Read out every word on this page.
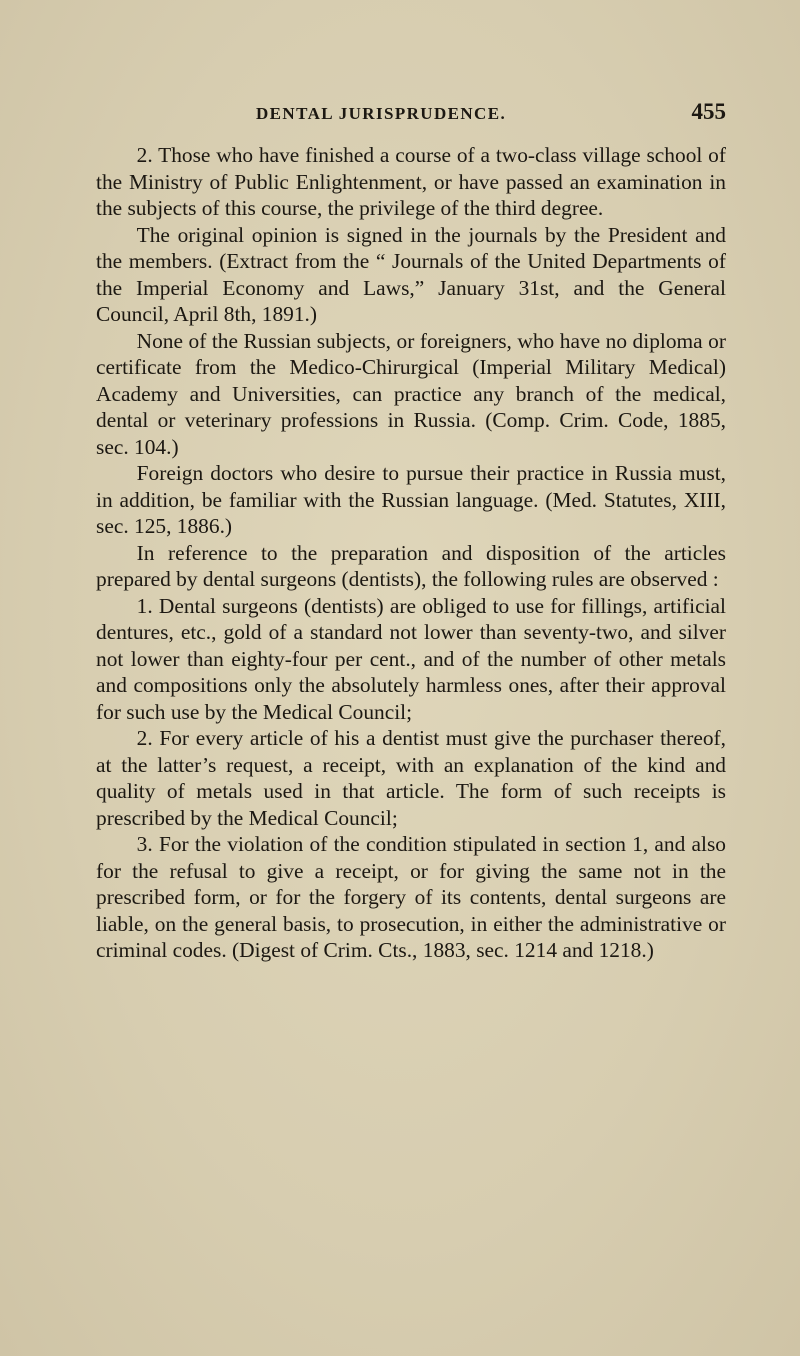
DENTAL JURISPRUDENCE.	455

2. Those who have finished a course of a two-class village school of the Ministry of Public Enlightenment, or have passed an examination in the subjects of this course, the privilege of the third degree.

The original opinion is signed in the journals by the President and the members. (Extract from the “ Journals of the United Departments of the Imperial Economy and Laws,” January 31st, and the General Council, April 8th, 1891.)

None of the Russian subjects, or foreigners, who have no diploma or certificate from the Medico-Chirurgical (Imperial Military Medical) Academy and Universities, can practice any branch of the medical, dental or veterinary professions in Russia. (Comp. Crim. Code, 1885, sec. 104.)

Foreign doctors who desire to pursue their practice in Russia must, in addition, be familiar with the Russian language. (Med. Statutes, XIII, sec. 125, 1886.)

In reference to the preparation and disposition of the articles prepared by dental surgeons (dentists), the following rules are observed :

1. Dental surgeons (dentists) are obliged to use for fillings, artificial dentures, etc., gold of a standard not lower than seventy-two, and silver not lower than eighty-four per cent., and of the number of other metals and compositions only the absolutely harmless ones, after their approval for such use by the Medical Council;

2. For every article of his a dentist must give the purchaser thereof, at the latter’s request, a receipt, with an explanation of the kind and quality of metals used in that article. The form of such receipts is prescribed by the Medical Council;

3. For the violation of the condition stipulated in section 1, and also for the refusal to give a receipt, or for giving the same not in the prescribed form, or for the forgery of its contents, dental surgeons are liable, on the general basis, to prosecution, in either the administrative or criminal codes. (Digest of Crim. Cts., 1883, sec. 1214 and 1218.)
